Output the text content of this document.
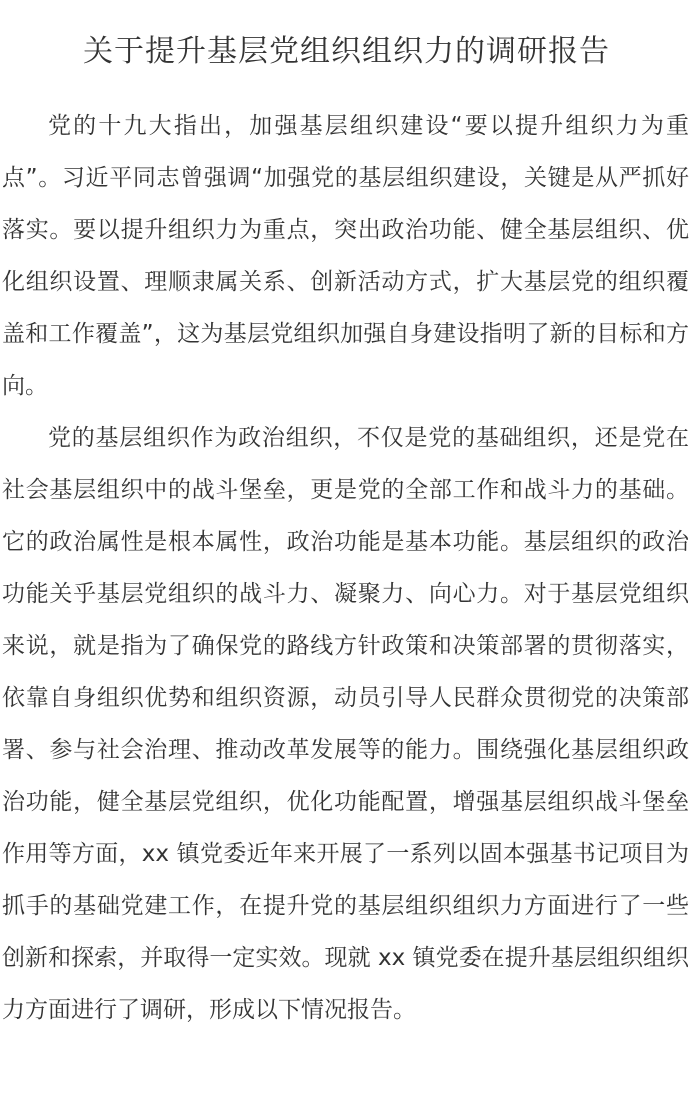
关于提升基层党组织组织力的调研报告

党的十九大指出，加强基层组织建设“要以提升组织力为重点”。习近平同志曾强调“加强党的基层组织建设，关键是从严抓好落实。要以提升组织力为重点，突出政治功能、健全基层组织、优化组织设置、理顺隶属关系、创新活动方式，扩大基层党的组织覆盖和工作覆盖”，这为基层党组织加强自身建设指明了新的目标和方向。

党的基层组织作为政治组织，不仅是党的基础组织，还是党在社会基层组织中的战斗堡垒，更是党的全部工作和战斗力的基础。它的政治属性是根本属性，政治功能是基本功能。基层组织的政治功能关乎基层党组织的战斗力、凝聚力、向心力。对于基层党组织来说，就是指为了确保党的路线方针政策和决策部署的贯彻落实，依靠自身组织优势和组织资源，动员引导人民群众贯彻党的决策部署、参与社会治理、推动改革发展等的能力。围绕强化基层组织政治功能，健全基层党组织，优化功能配置，增强基层组织战斗堡垒作用等方面，xx 镇党委近年来开展了一系列以固本强基书记项目为抓手的基础党建工作，在提升党的基层组织组织力方面进行了一些创新和探索，并取得一定实效。现就 xx 镇党委在提升基层组织组织力方面进行了调研，形成以下情况报告。
